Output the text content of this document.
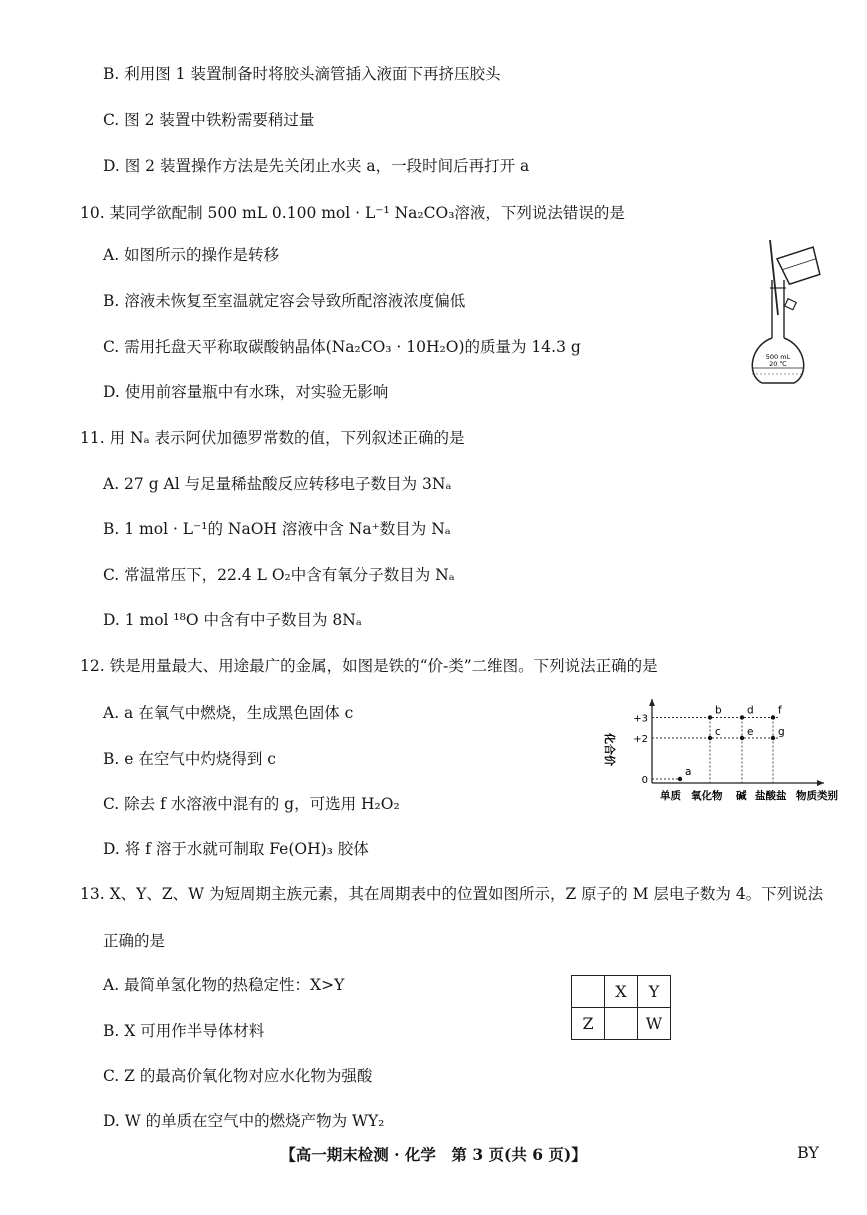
B. 利用图 1 装置制备时将胶头滴管插入液面下再挤压胶头
C. 图 2 装置中铁粉需要稍过量
D. 图 2 装置操作方法是先关闭止水夹 a，一段时间后再打开 a
10. 某同学欲配制 500 mL 0.100 mol · L⁻¹ Na₂CO₃溶液，下列说法错误的是
A. 如图所示的操作是转移
B. 溶液未恢复至室温就定容会导致所配溶液浓度偏低
C. 需用托盘天平称取碳酸钠晶体(Na₂CO₃ · 10H₂O)的质量为 14.3 g
D. 使用前容量瓶中有水珠，对实验无影响
500 mL
20 ℃
11. 用 Nₐ 表示阿伏加德罗常数的值，下列叙述正确的是
A. 27 g Al 与足量稀盐酸反应转移电子数目为 3Nₐ
B. 1 mol · L⁻¹的 NaOH 溶液中含 Na⁺数目为 Nₐ
C. 常温常压下，22.4 L O₂中含有氧分子数目为 Nₐ
D. 1 mol ¹⁸O 中含有中子数目为 8Nₐ
12. 铁是用量最大、用途最广的金属，如图是铁的“价-类”二维图。下列说法正确的是
A. a 在氧气中燃烧，生成黑色固体 c
B. e 在空气中灼烧得到 c
C. 除去 f 水溶液中混有的 g，可选用 H₂O₂
D. 将 f 溶于水就可制取 Fe(OH)₃ 胶体
化合价
0
+2
+3
a
b
c
d
e
f
g
单质 氧化物 碱 盐酸盐 物质类别
13. X、Y、Z、W 为短周期主族元素，其在周期表中的位置如图所示，Z 原子的 M 层电子数为 4。下列说法
正确的是
A. 最简单氢化物的热稳定性：X>Y
B. X 可用作半导体材料
C. Z 的最高价氧化物对应水化物为强酸
D. W 的单质在空气中的燃烧产物为 WY₂
	X	Y
Z		W
【高一期末检测 · 化学　第 3 页(共 6 页)】	BY
